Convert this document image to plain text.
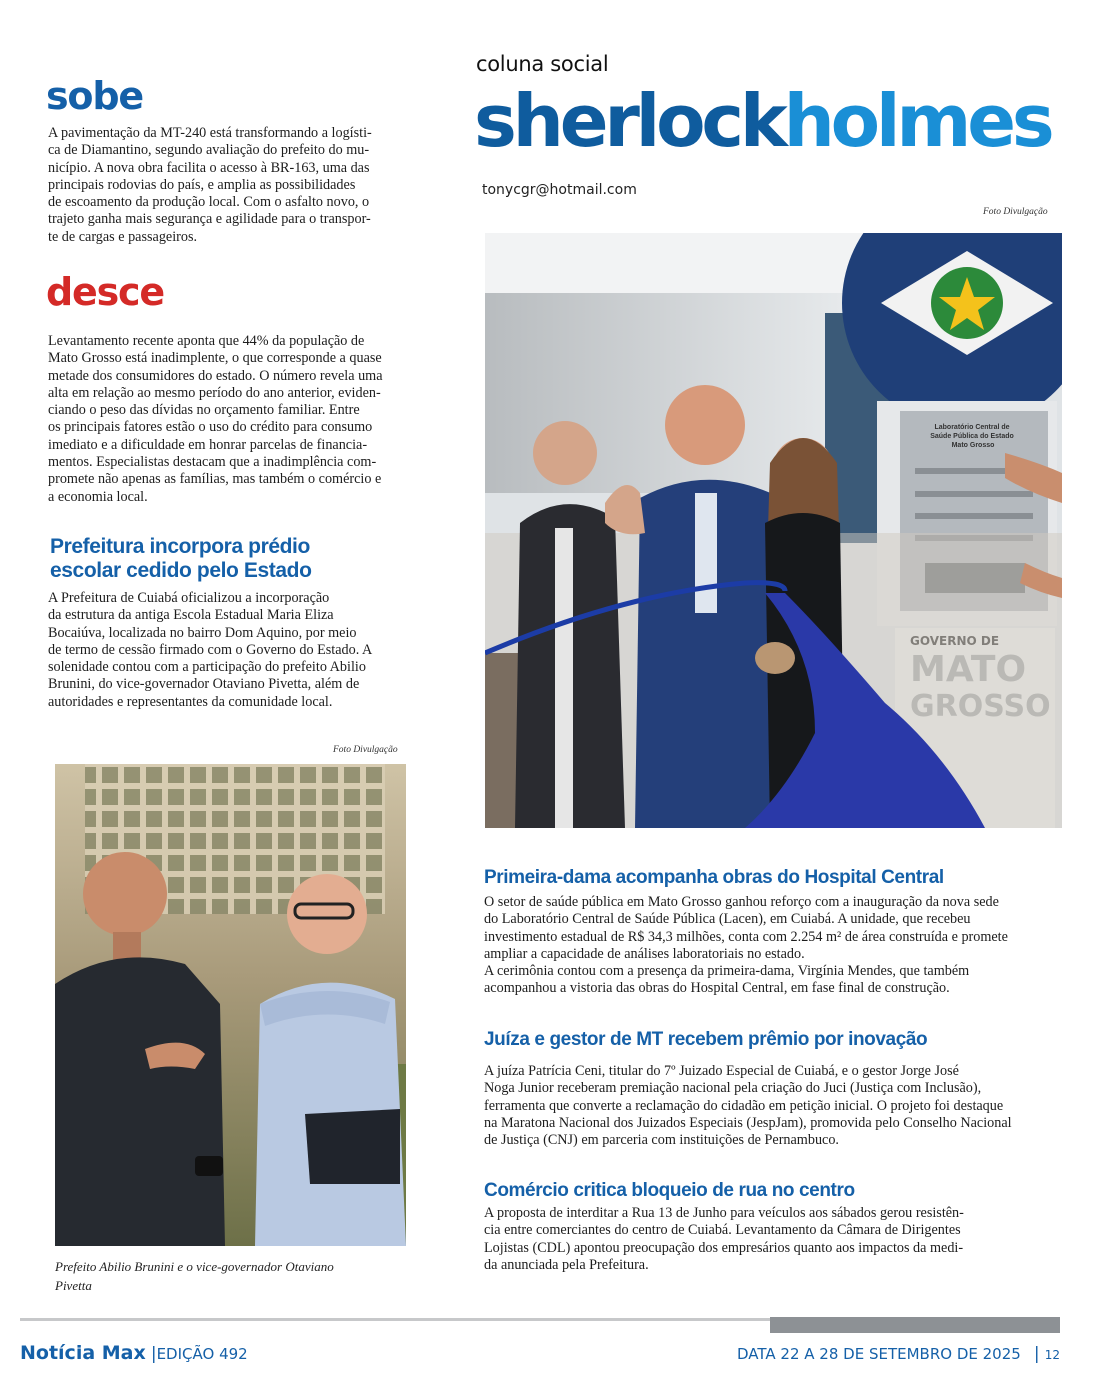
coluna social
sherlockholmes
tonycgr@hotmail.com
sobe
A pavimentação da MT-240 está transformando a logísti-
ca de Diamantino, segundo avaliação do prefeito do mu-
nicípio. A nova obra facilita o acesso à BR-163, uma das
principais rodovias do país, e amplia as possibilidades
de escoamento da produção local. Com o asfalto novo, o
trajeto ganha mais segurança e agilidade para o transpor-
te de cargas e passageiros.
desce
Levantamento recente aponta que 44% da população de
Mato Grosso está inadimplente, o que corresponde a quase
metade dos consumidores do estado. O número revela uma
alta em relação ao mesmo período do ano anterior, eviden-
ciando o peso das dívidas no orçamento familiar. Entre
os principais fatores estão o uso do crédito para consumo
imediato e a dificuldade em honrar parcelas de financia-
mentos. Especialistas destacam que a inadimplência com-
promete não apenas as famílias, mas também o comércio e
a economia local.
Prefeitura incorpora prédio
escolar cedido pelo Estado
A Prefeitura de Cuiabá oficializou a incorporação
da estrutura da antiga Escola Estadual Maria Eliza
Bocaiúva, localizada no bairro Dom Aquino, por meio
de termo de cessão firmado com o Governo do Estado. A
solenidade contou com a participação do prefeito Abilio
Brunini, do vice-governador Otaviano Pivetta, além de
autoridades e representantes da comunidade local.
Foto Divulgação
Prefeito Abilio Brunini e o vice-governador Otaviano
Pivetta
Foto Divulgação
Laboratório Central de Saúde Pública do Estado Mato Grosso
Primeira-dama acompanha obras do Hospital Central
O setor de saúde pública em Mato Grosso ganhou reforço com a inauguração da nova sede
do Laboratório Central de Saúde Pública (Lacen), em Cuiabá. A unidade, que recebeu
investimento estadual de R$ 34,3 milhões, conta com 2.254 m² de área construída e promete
ampliar a capacidade de análises laboratoriais no estado.
A cerimônia contou com a presença da primeira-dama, Virgínia Mendes, que também
acompanhou a vistoria das obras do Hospital Central, em fase final de construção.
Juíza e gestor de MT recebem prêmio por inovação
A juíza Patrícia Ceni, titular do 7º Juizado Especial de Cuiabá, e o gestor Jorge José
Noga Junior receberam premiação nacional pela criação do Juci (Justiça com Inclusão),
ferramenta que converte a reclamação do cidadão em petição inicial. O projeto foi destaque
na Maratona Nacional dos Juizados Especiais (JespJam), promovida pelo Conselho Nacional
de Justiça (CNJ) em parceria com instituições de Pernambuco.
Comércio critica bloqueio de rua no centro
A proposta de interditar a Rua 13 de Junho para veículos aos sábados gerou resistên-
cia entre comerciantes do centro de Cuiabá. Levantamento da Câmara de Dirigentes
Lojistas (CDL) apontou preocupação dos empresários quanto aos impactos da medi-
da anunciada pela Prefeitura.
Notícia Max |EDIÇÃO 492	DATA 22 A 28 DE SETEMBRO DE 2025 | 12
